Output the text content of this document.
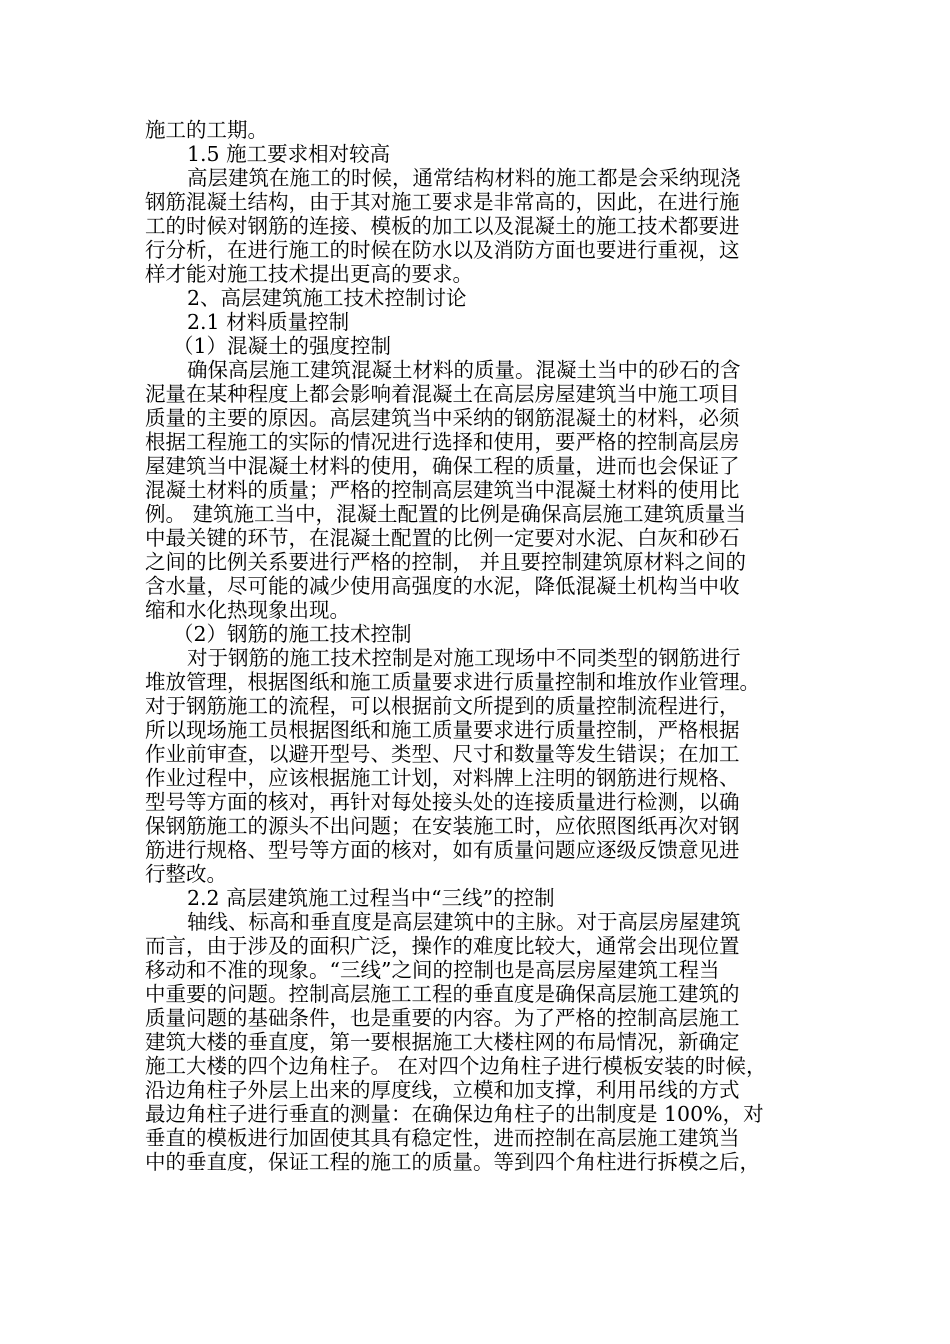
施工的工期。
1.5 施工要求相对较高
高层建筑在施工的时候，通常结构材料的施工都是会采纳现浇
钢筋混凝土结构，由于其对施工要求是非常高的，因此，在进行施
工的时候对钢筋的连接、模板的加工以及混凝土的施工技术都要进
行分析，在进行施工的时候在防水以及消防方面也要进行重视，这
样才能对施工技术提出更高的要求。
2、高层建筑施工技术控制讨论
2.1 材料质量控制
（1）混凝土的强度控制
确保高层施工建筑混凝土材料的质量。混凝土当中的砂石的含
泥量在某种程度上都会影响着混凝土在高层房屋建筑当中施工项目
质量的主要的原因。高层建筑当中采纳的钢筋混凝土的材料，必须
根据工程施工的实际的情况进行选择和使用，要严格的控制高层房
屋建筑当中混凝土材料的使用，确保工程的质量，进而也会保证了
混凝土材料的质量；严格的控制高层建筑当中混凝土材料的使用比
例。 建筑施工当中，混凝土配置的比例是确保高层施工建筑质量当
中最关键的环节，在混凝土配置的比例一定要对水泥、白灰和砂石
之间的比例关系要进行严格的控制， 并且要控制建筑原材料之间的
含水量，尽可能的减少使用高强度的水泥，降低混凝土机构当中收
缩和水化热现象出现。
（2）钢筋的施工技术控制
对于钢筋的施工技术控制是对施工现场中不同类型的钢筋进行
堆放管理，根据图纸和施工质量要求进行质量控制和堆放作业管理。
对于钢筋施工的流程，可以根据前文所提到的质量控制流程进行，
所以现场施工员根据图纸和施工质量要求进行质量控制，严格根据
作业前审查，以避开型号、类型、尺寸和数量等发生错误；在加工
作业过程中，应该根据施工计划，对料牌上注明的钢筋进行规格、
型号等方面的核对，再针对每处接头处的连接质量进行检测，以确
保钢筋施工的源头不出问题；在安装施工时，应依照图纸再次对钢
筋进行规格、型号等方面的核对，如有质量问题应逐级反馈意见进
行整改。
2.2 高层建筑施工过程当中“三线”的控制
轴线、标高和垂直度是高层建筑中的主脉。对于高层房屋建筑
而言，由于涉及的面积广泛，操作的难度比较大，通常会出现位置
移动和不准的现象。“三线”之间的控制也是高层房屋建筑工程当
中重要的问题。控制高层施工工程的垂直度是确保高层施工建筑的
质量问题的基础条件，也是重要的内容。为了严格的控制高层施工
建筑大楼的垂直度，第一要根据施工大楼柱网的布局情况，新确定
施工大楼的四个边角柱子。 在对四个边角柱子进行模板安装的时候，
沿边角柱子外层上出来的厚度线，立模和加支撑，利用吊线的方式
最边角柱子进行垂直的测量：在确保边角柱子的出制度是 100%，对
垂直的模板进行加固使其具有稳定性，进而控制在高层施工建筑当
中的垂直度，保证工程的施工的质量。等到四个角柱进行拆模之后，
